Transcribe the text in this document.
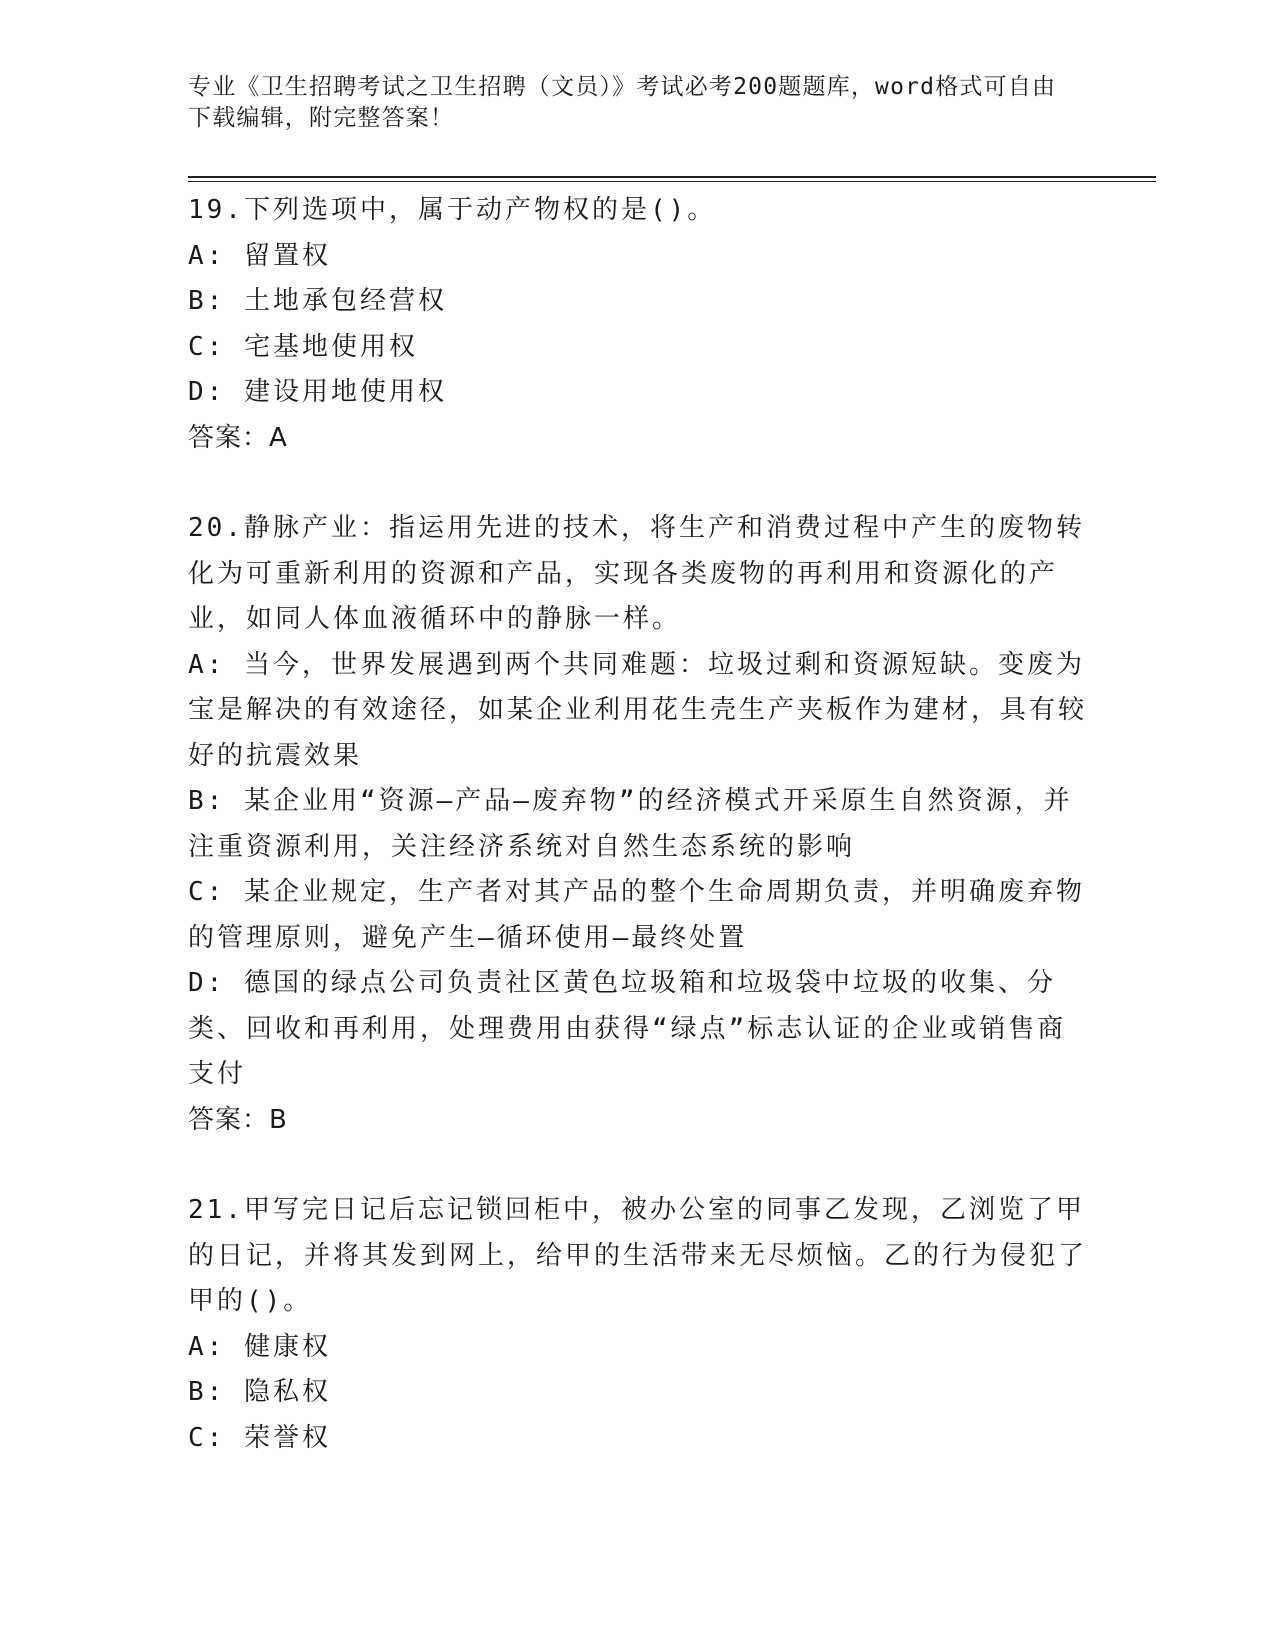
专业《卫生招聘考试之卫生招聘（文员）》考试必考200题题库，word格式可自由下载编辑，附完整答案！

19.下列选项中，属于动产物权的是()。

A: 留置权

B: 土地承包经营权

C: 宅基地使用权

D: 建设用地使用权

答案：A

20.静脉产业：指运用先进的技术，将生产和消费过程中产生的废物转化为可重新利用的资源和产品，实现各类废物的再利用和资源化的产业，如同人体血液循环中的静脉一样。

A: 当今，世界发展遇到两个共同难题：垃圾过剩和资源短缺。变废为宝是解决的有效途径，如某企业利用花生壳生产夹板作为建材，具有较好的抗震效果

B: 某企业用“资源—产品—废弃物”的经济模式开采原生自然资源，并注重资源利用，关注经济系统对自然生态系统的影响

C: 某企业规定，生产者对其产品的整个生命周期负责，并明确废弃物的管理原则，避免产生—循环使用—最终处置

D: 德国的绿点公司负责社区黄色垃圾箱和垃圾袋中垃圾的收集、分类、回收和再利用，处理费用由获得“绿点”标志认证的企业或销售商支付

答案：B

21.甲写完日记后忘记锁回柜中，被办公室的同事乙发现，乙浏览了甲的日记，并将其发到网上，给甲的生活带来无尽烦恼。乙的行为侵犯了甲的()。

A: 健康权

B: 隐私权

C: 荣誉权
